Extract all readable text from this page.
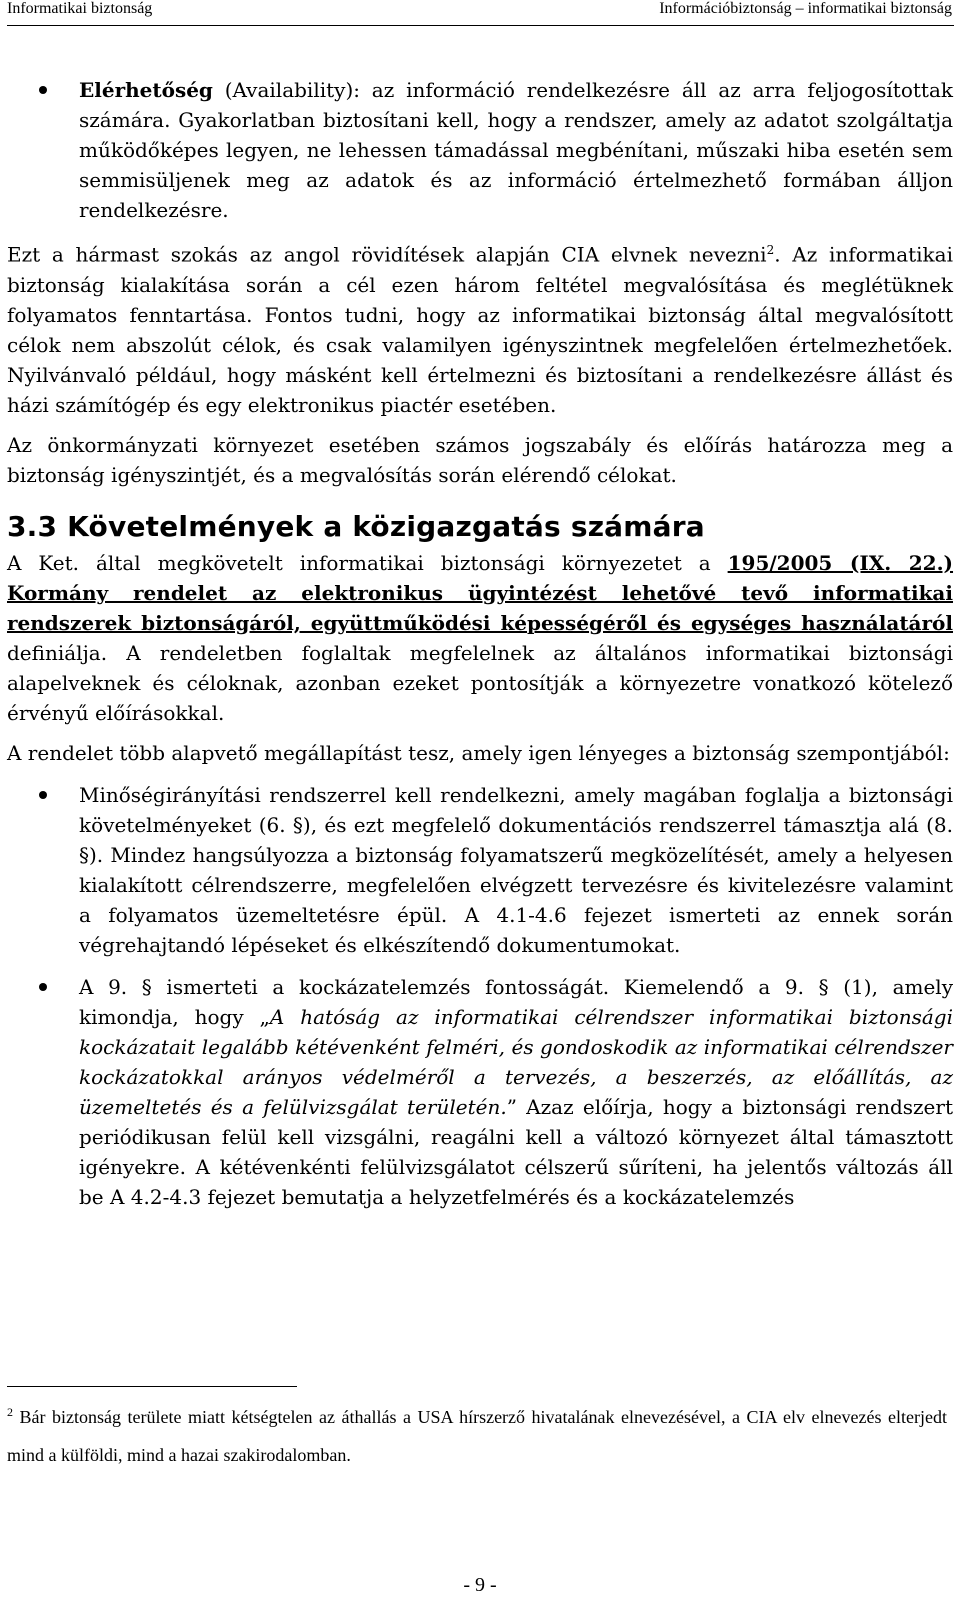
Informatikai biztonság	Információbiztonság – informatikai biztonság

Elérhetőség (Availability): az információ rendelkezésre áll az arra feljogosítottak számára. Gyakorlatban biztosítani kell, hogy a rendszer, amely az adatot szolgáltatja működőképes legyen, ne lehessen támadással megbénítani, műszaki hiba esetén sem semmisüljenek meg az adatok és az információ értelmezhető formában álljon rendelkezésre.

Ezt a hármast szokás az angol rövidítések alapján CIA elvnek nevezni$^2$. Az informatikai biztonság kialakítása során a cél ezen három feltétel megvalósítása és meglétüknek folyamatos fenntartása. Fontos tudni, hogy az informatikai biztonság által megvalósított célok nem abszolút célok, és csak valamilyen igényszintnek megfelelően értelmezhetőek. Nyilvánvaló például, hogy másként kell értelmezni és biztosítani a rendelkezésre állást és házi számítógép és egy elektronikus piactér esetében.

Az önkormányzati környezet esetében számos jogszabály és előírás határozza meg a biztonság igényszintjét, és a megvalósítás során elérendő célokat.

3.3 Követelmények a közigazgatás számára

A Ket. által megkövetelt informatikai biztonsági környezetet a 195/2005 (IX. 22.) Kormány rendelet az elektronikus ügyintézést lehetővé tevő informatikai rendszerek biztonságáról, együttműködési képességéről és egységes használatáról definiálja. A rendeletben foglaltak megfelelnek az általános informatikai biztonsági alapelveknek és céloknak, azonban ezeket pontosítják a környezetre vonatkozó kötelező érvényű előírásokkal.

A rendelet több alapvető megállapítást tesz, amely igen lényeges a biztonság szempontjából:

Minőségirányítási rendszerrel kell rendelkezni, amely magában foglalja a biztonsági követelményeket (6. §), és ezt megfelelő dokumentációs rendszerrel támasztja alá (8. §). Mindez hangsúlyozza a biztonság folyamatszerű megközelítését, amely a helyesen kialakított célrendszerre, megfelelően elvégzett tervezésre és kivitelezésre valamint a folyamatos üzemeltetésre épül. A 4.1-4.6 fejezet ismerteti az ennek során végrehajtandó lépéseket és elkészítendő dokumentumokat.

A 9. § ismerteti a kockázatelemzés fontosságát. Kiemelendő a 9. § (1), amely kimondja, hogy „A hatóság az informatikai célrendszer informatikai biztonsági kockázatait legalább kétévenként felméri, és gondoskodik az informatikai célrendszer kockázatokkal arányos védelméről a tervezés, a beszerzés, az előállítás, az üzemeltetés és a felülvizsgálat területén.” Azaz előírja, hogy a biztonsági rendszert periódikusan felül kell vizsgálni, reagálni kell a változó környezet által támasztott igényekre. A kétévenkénti felülvizsgálatot célszerű sűríteni, ha jelentős változás áll be A 4.2-4.3 fejezet bemutatja a helyzetfelmérés és a kockázatelemzés

$^2$ Bár biztonság területe miatt kétségtelen az áthallás a USA hírszerző hivatalának elnevezésével, a CIA elv elnevezés elterjedt mind a külföldi, mind a hazai szakirodalomban.
- 9 -
